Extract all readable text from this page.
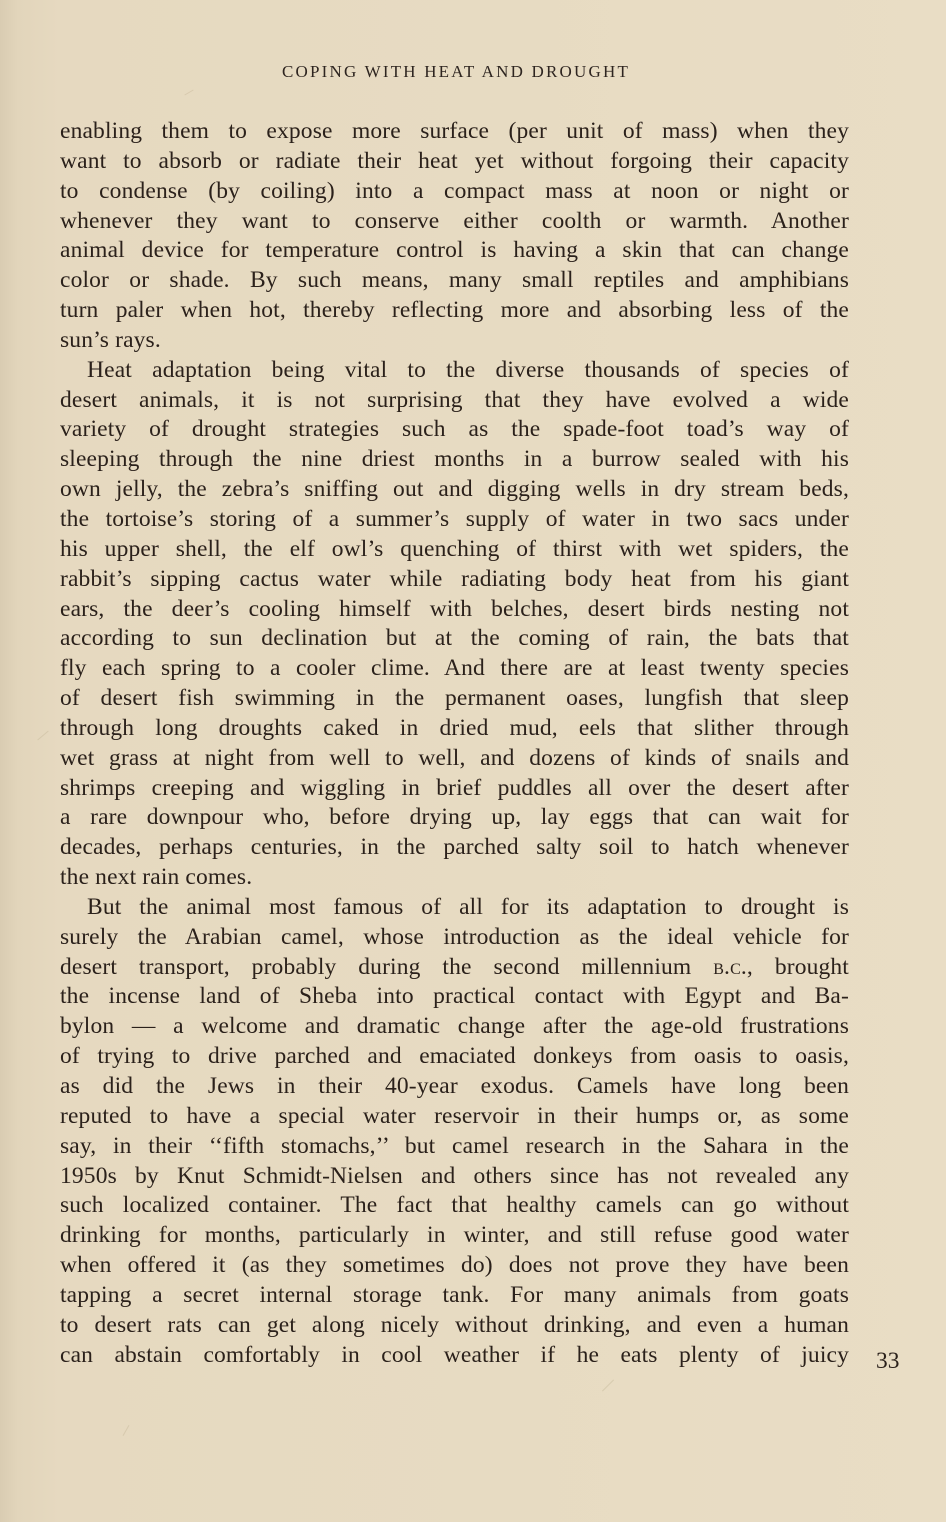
COPING WITH HEAT AND DROUGHT
enabling them to expose more surface (per unit of mass) when they
want to absorb or radiate their heat yet without forgoing their capacity
to condense (by coiling) into a compact mass at noon or night or
whenever they want to conserve either coolth or warmth. Another
animal device for temperature control is having a skin that can change
color or shade. By such means, many small reptiles and amphibians
turn paler when hot, thereby reflecting more and absorbing less of the
sun’s rays.
Heat adaptation being vital to the diverse thousands of species of
desert animals, it is not surprising that they have evolved a wide
variety of drought strategies such as the spade-foot toad’s way of
sleeping through the nine driest months in a burrow sealed with his
own jelly, the zebra’s sniffing out and digging wells in dry stream beds,
the tortoise’s storing of a summer’s supply of water in two sacs under
his upper shell, the elf owl’s quenching of thirst with wet spiders, the
rabbit’s sipping cactus water while radiating body heat from his giant
ears, the deer’s cooling himself with belches, desert birds nesting not
according to sun declination but at the coming of rain, the bats that
fly each spring to a cooler clime. And there are at least twenty species
of desert fish swimming in the permanent oases, lungfish that sleep
through long droughts caked in dried mud, eels that slither through
wet grass at night from well to well, and dozens of kinds of snails and
shrimps creeping and wiggling in brief puddles all over the desert after
a rare downpour who, before drying up, lay eggs that can wait for
decades, perhaps centuries, in the parched salty soil to hatch whenever
the next rain comes.
But the animal most famous of all for its adaptation to drought is
surely the Arabian camel, whose introduction as the ideal vehicle for
desert transport, probably during the second millennium b.c., brought
the incense land of Sheba into practical contact with Egypt and Ba-
bylon — a welcome and dramatic change after the age-old frustrations
of trying to drive parched and emaciated donkeys from oasis to oasis,
as did the Jews in their 40-year exodus. Camels have long been
reputed to have a special water reservoir in their humps or, as some
say, in their ‘‘fifth stomachs,’’ but camel research in the Sahara in the
1950s by Knut Schmidt-Nielsen and others since has not revealed any
such localized container. The fact that healthy camels can go without
drinking for months, particularly in winter, and still refuse good water
when offered it (as they sometimes do) does not prove they have been
tapping a secret internal storage tank. For many animals from goats
to desert rats can get along nicely without drinking, and even a human
can abstain comfortably in cool weather if he eats plenty of juicy 33
